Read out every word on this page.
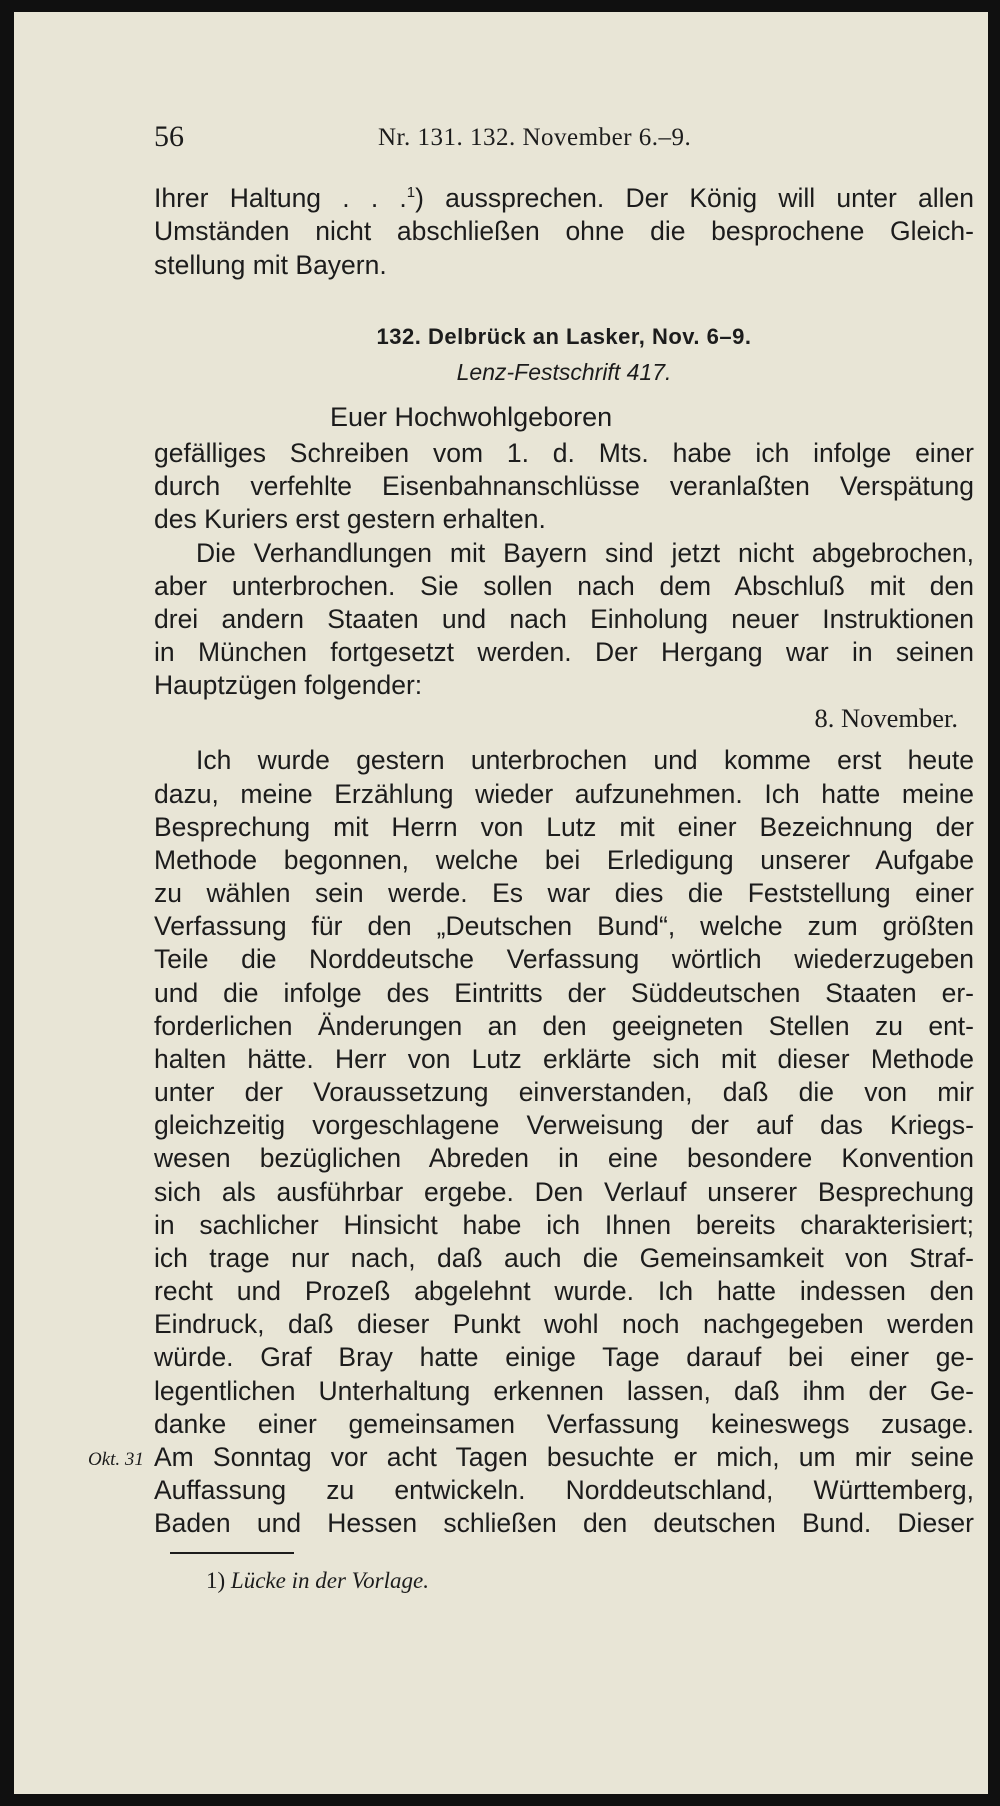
56	Nr. 131. 132. November 6.–9.
Ihrer Haltung . . .$^1$) aussprechen. Der König will unter allen
Umständen nicht abschließen ohne die besprochene Gleich-
stellung mit Bayern.
132. Delbrück an Lasker, Nov. 6–9.
Lenz-Festschrift 417.
Euer Hochwohlgeboren
gefälliges Schreiben vom 1. d. Mts. habe ich infolge einer
durch verfehlte Eisenbahnanschlüsse veranlaßten Verspätung
des Kuriers erst gestern erhalten.
Die Verhandlungen mit Bayern sind jetzt nicht abgebrochen,
aber unterbrochen. Sie sollen nach dem Abschluß mit den
drei andern Staaten und nach Einholung neuer Instruktionen
in München fortgesetzt werden. Der Hergang war in seinen
Hauptzügen folgender:
8. November.
Ich wurde gestern unterbrochen und komme erst heute
dazu, meine Erzählung wieder aufzunehmen. Ich hatte meine
Besprechung mit Herrn von Lutz mit einer Bezeichnung der
Methode begonnen, welche bei Erledigung unserer Aufgabe
zu wählen sein werde. Es war dies die Feststellung einer
Verfassung für den „Deutschen Bund“, welche zum größten
Teile die Norddeutsche Verfassung wörtlich wiederzugeben
und die infolge des Eintritts der Süddeutschen Staaten er-
forderlichen Änderungen an den geeigneten Stellen zu ent-
halten hätte. Herr von Lutz erklärte sich mit dieser Methode
unter der Voraussetzung einverstanden, daß die von mir
gleichzeitig vorgeschlagene Verweisung der auf das Kriegs-
wesen bezüglichen Abreden in eine besondere Konvention
sich als ausführbar ergebe. Den Verlauf unserer Besprechung
in sachlicher Hinsicht habe ich Ihnen bereits charakterisiert;
ich trage nur nach, daß auch die Gemeinsamkeit von Straf-
recht und Prozeß abgelehnt wurde. Ich hatte indessen den
Eindruck, daß dieser Punkt wohl noch nachgegeben werden
würde. Graf Bray hatte einige Tage darauf bei einer ge-
legentlichen Unterhaltung erkennen lassen, daß ihm der Ge-
danke einer gemeinsamen Verfassung keineswegs zusage.
Am Sonntag vor acht Tagen besuchte er mich, um mir seine
Auffassung zu entwickeln. Norddeutschland, Württemberg,
Baden und Hessen schließen den deutschen Bund. Dieser
Okt. 31
1) Lücke in der Vorlage.
